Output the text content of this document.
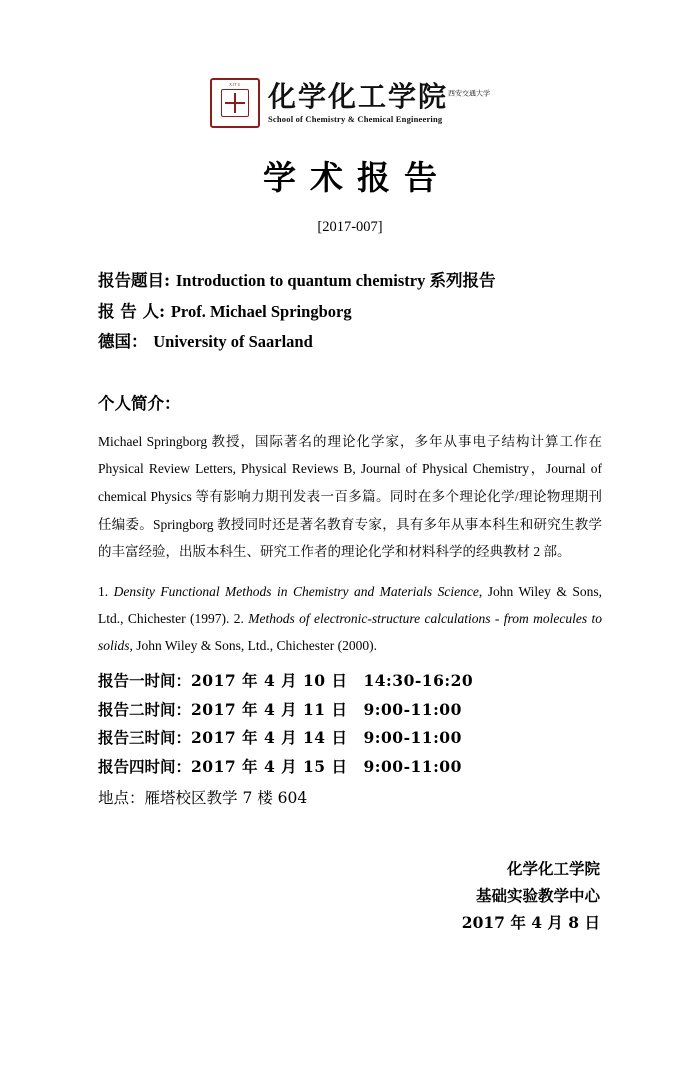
XJTU 化学化工学院$^{西安交通大学}$
School of Chemistry & Chemical Engineering
学术报告
[2017-007]
报告题目: Introduction to quantum chemistry 系列报告
报 告 人: Prof. Michael Springborg
德国： University of Saarland
个人简介：

Michael Springborg 教授，国际著名的理论化学家，多年从事电子结构计算工作在 Physical Review Letters, Physical Reviews B, Journal of Physical Chemistry，Journal of chemical Physics 等有影响力期刊发表一百多篇。同时在多个理论化学/理论物理期刊任编委。Springborg 教授同时还是著名教育专家，具有多年从事本科生和研究生教学的丰富经验，出版本科生、研究工作者的理论化学和材料科学的经典教材 2 部。

1. Density Functional Methods in Chemistry and Materials Science, John Wiley & Sons, Ltd., Chichester (1997). 2. Methods of electronic-structure calculations - from molecules to solids, John Wiley & Sons, Ltd., Chichester (2000).
报告一时间：2017 年 4 月 10 日　14:30-16:20
报告二时间：2017 年 4 月 11 日　9:00-11:00
报告三时间：2017 年 4 月 14 日　9:00-11:00
报告四时间：2017 年 4 月 15 日　9:00-11:00
地点：雁塔校区教学 7 楼 604
化学化工学院
基础实验教学中心
2017 年 4 月 8 日
